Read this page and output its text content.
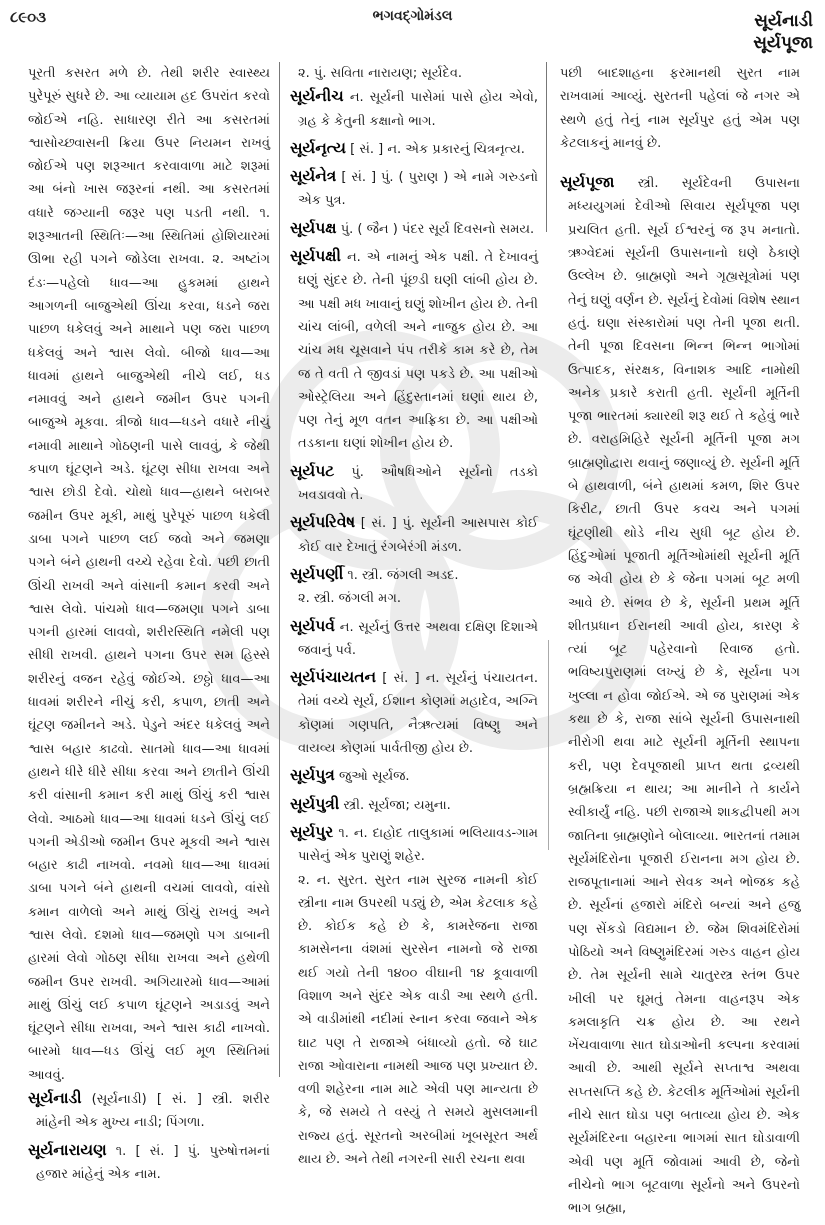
૮૯૦૩	ભગવદ્ગોમંડલ	સૂર્યનાડી
સૂર્યપૂજા
પૂરતી કસરત મળે છે. તેથી શરીર સ્વાસ્થ્ય પુરેપૂરું સુધરે છે. આ વ્યાયામ હદ ઉપરાંત કરવો જોઈએ નહિ. સાધારણ રીતે આ કસરતમાં શ્વાસોચ્છ્વાસની ક્રિયા ઉપર નિયમન રાખવું જોઈએ પણ શરૂઆત કરવાવાળા માટે શરૂમાં આ બંનો ખાસ જરૂરનાં નથી. આ કસરતમાં વધારે જગ્યાની જરૂર પણ પડતી નથી. ૧. શરૂઆતની સ્થિતિઃ—આ સ્થિતિમાં હોશિયારમાં ઊભા રહી પગને જોડેલા રાખવા. ૨. અષ્ટાંગ દંડઃ—પહેલો ધાવ—આ હુકમમાં હાથને આગળની બાજુએથી ઊંચા કરવા, ધડને જરા પાછળ ધકેલવું અને માથાને પણ જરા પાછળ ધકેલવું અને શ્વાસ લેવો. બીજો ધાવ—આ ધાવમાં હાથને બાજુએથી નીચે લઈ, ધડ નમાવવું અને હાથને જમીન ઉપર પગની બાજુએ મૂકવા. ત્રીજો ધાવ—ધડને વધારે નીચું નમાવી માથાને ગોઠણની પાસે લાવવું, કે જેથી કપાળ ઘૂંટણને અડે. ઘૂંટણ સીધા રાખવા અને શ્વાસ છોડી દેવો. ચોથો ધાવ—હાથને બરાબર જમીન ઉપર મૂકી, માથું પુરેપૂરું પાછળ ધકેલી ડાબા પગને પાછળ લઈ જવો અને જમણા પગને બંને હાથની વચ્ચે રહેવા દેવો. પછી છાતી ઊંચી રાખવી અને વાંસાની કમાન કરવી અને શ્વાસ લેવો. પાંચમો ધાવ—જમણા પગને ડાબા પગની હારમાં લાવવો, શરીરસ્થિતિ નમેલી પણ સીધી રાખવી. હાથને પગના ઉપર સમ હિસ્સે શરીરનું વજન રહેવું જોઈએ. છઠ્ઠો ધાવ—આ ધાવમાં શરીરને નીચું કરી, કપાળ, છાતી અને ઘૂંટણ જમીનને અડે. પેડુને અંદર ધકેલવું અને શ્વાસ બહાર કાઢવો. સાતમો ધાવ—આ ધાવમાં હાથને ધીરે ધીરે સીધા કરવા અને છાતીને ઊંચી કરી વાંસાની કમાન કરી માથું ઊંચું કરી શ્વાસ લેવો. આઠમો ધાવ—આ ધાવમાં ધડને ઊંચું લઈ પગની એડીઓ જમીન ઉપર મૂકવી અને શ્વાસ બહાર કાઢી નાખવો. નવમો ધાવ—આ ધાવમાં ડાબા પગને બંને હાથની વચમાં લાવવો, વાંસો કમાન વાળેલો અને માથું ઊંચું રાખવું અને શ્વાસ લેવો. દશમો ધાવ—જમણો પગ ડાબાની હારમાં લેવો ગોઠણ સીધા રાખવા અને હથેળી જમીન ઉપર રાખવી. અગિયારમો ધાવ—આમાં માથું ઊંચું લઈ કપાળ ઘૂંટણને અડાડવું અને ઘૂંટણને સીધા રાખવા, અને શ્વાસ કાઢી નાખવો. બારમો ધાવ—ધડ ઊંચું લઈ મૂળ સ્થિતિમાં આવવું.
સૂર્યનાડી (સૂર્યનાડી) [ સં. ] સ્ત્રી. શરીર માંહેની એક મુખ્ય નાડી; પિંગળા.
સૂર્યનારાયણ ૧. [ સં. ] પું. પુરુષોત્તમનાં હજાર માંહેનું એક નામ.
૨. પું. સવિતા નારાયણ; સૂર્યદેવ.
સૂર્યનીચ ન. સૂર્યની પાસેમાં પાસે હોય એવો, ગ્રહ કે કેતુની કક્ષાનો ભાગ.
સૂર્યનૃત્ય [ સં. ] ન. એક પ્રકારનું ચિત્રનૃત્ય.
સૂર્યનેત્ર [ સં. ] પું. ( પુરાણ ) એ નામે ગરુડનો એક પુત્ર.
સૂર્યપક્ષ પું. ( જૈન ) પંદર સૂર્ય દિવસનો સમય.
સૂર્યપક્ષી ન. એ નામનું એક પક્ષી. તે દેખાવનું ઘણું સુંદર છે. તેની પૂંછડી ઘણી લાંબી હોય છે. આ પક્ષી મધ ખાવાનું ઘણું શોખીન હોય છે. તેની ચાંચ લાંબી, વળેલી અને નાજુક હોય છે. આ ચાંચ મધ ચૂસવાને પંપ તરીકે કામ કરે છે, તેમ જ તે વતી તે જીવડાં પણ પકડે છે. આ પક્ષીઓ ઓસ્ટ્રેલિયા અને હિંદુસ્તાનમાં ઘણાં થાય છે, પણ તેનું મૂળ વતન આફ્રિકા છે. આ પક્ષીઓ તડકાના ઘણાં શોખીન હોય છે.
સૂર્યપટ પું. ઔષધિઓને સૂર્યનો તડકો ખવડાવવો તે.
સૂર્યપરિવેષ [ સં. ] પું. સૂર્યની આસપાસ કોઈ કોઈ વાર દેખાતું રંગબેરંગી મંડળ.
સૂર્યપર્ણી ૧. સ્ત્રી. જંગલી અડદ.
૨. સ્ત્રી. જંગલી મગ.
સૂર્યપર્વ ન. સૂર્યનું ઉત્તર અથવા દક્ષિણ દિશાએ જવાનું પર્વ.
સૂર્યપંચાયતન [ સં. ] ન. સૂર્યનું પંચાયતન. તેમાં વચ્ચે સૂર્ય, ઈશાન કોણમાં મહાદેવ, અગ્નિ કોણમાં ગણપતિ, નૈઋત્યમાં વિષ્ણુ અને વાયવ્ય કોણમાં પાર્વતીજી હોય છે.
સૂર્યપુત્ર જુઓ સૂર્યજ.
સૂર્યપુત્રી સ્ત્રી. સૂર્યજા; યમુના.
સૂર્યપુર ૧. ન. દાહોદ તાલુકામાં ભલિયાવડ-ગામ પાસેનું એક પુરાણું શહેર.
૨. ન. સુરત. સુરત નામ સુરજ નામની કોઈ સ્ત્રીના નામ ઉપરથી પડ્યું છે, એમ કેટલાક કહે છે. કોઈક કહે છે કે, કામરેજના રાજા કામસેનના વંશમાં સુરસેન નામનો જે રાજા થઈ ગયો તેની ૧૪૦૦ વીઘાની ૧૪ કૂવાવાળી વિશાળ અને સુંદર એક વાડી આ સ્થળે હતી. એ વાડીમાંથી નદીમાં સ્નાન કરવા જવાને એક ઘાટ પણ તે રાજાએ બંધાવ્યો હતો. જે ઘાટ રાજા ઓવારાના નામથી આજ પણ પ્રખ્યાત છે. વળી શહેરના નામ માટે એવી પણ માન્યતા છે કે, જે સમયે તે વસ્યું તે સમયે મુસલમાની રાજ્ય હતું. સૂરતનો અરબીમાં ખૂબસૂરત અર્થ થાય છે. અને તેથી નગરની સારી રચના થવા
પછી બાદશાહના ફરમાનથી સુરત નામ રાખવામાં આવ્યું. સુરતની પહેલાં જે નગર એ સ્થળે હતું તેનું નામ સૂર્યપુર હતું એમ પણ કેટલાકનું માનવું છે.
સૂર્યપૂજા સ્ત્રી. સૂર્યદેવની ઉપાસના મધ્યયુગમાં દેવીઓ સિવાય સૂર્યપૂજા પણ પ્રચલિત હતી. સૂર્ય ઈશ્વરનું જ રૂપ મનાતો. ઋગ્વેદમાં સૂર્યની ઉપાસનાનો ઘણે ઠેકાણે ઉલ્લેખ છે. બ્રાહ્મણો અને ગૃહ્યસૂત્રોમાં પણ તેનું ઘણું વર્ણન છે. સૂર્યનું દેવોમાં વિશેષ સ્થાન હતું. ઘણા સંસ્કારોમાં પણ તેની પૂજા થતી. તેની પૂજા દિવસના ભિન્ન ભિન્ન ભાગોમાં ઉત્પાદક, સંરક્ષક, વિનાશક આદિ નામોથી અનેક પ્રકારે કરાતી હતી. સૂર્યની મૂર્તિની પૂજા ભારતમાં ક્યારથી શરૂ થઈ તે કહેવું ભારે છે. વરાહમિહિરે સૂર્યની મૂર્તિની પૂજા મગ બ્રાહ્મણોદ્વારા થવાનું જણાવ્યું છે. સૂર્યની મૂર્તિ બે હાથવાળી, બંને હાથમાં કમળ, શિર ઉપર કિરીટ, છાતી ઉપર કવચ અને પગમાં ઘૂંટણીથી થોડે નીચ સુધી બૂટ હોય છે. હિંદુઓમાં પૂજાતી મૂર્તિઓમાંથી સૂર્યની મૂર્તિ જ એવી હોય છે કે જેના પગમાં બૂટ મળી આવે છે. સંભવ છે કે, સૂર્યની પ્રથમ મૂર્તિ શીતપ્રધાન ઈરાનથી આવી હોય, કારણ કે ત્યાં બૂટ પહેરવાનો રિવાજ હતો. ભવિષ્યપુરાણમાં લખ્યું છે કે, સૂર્યના પગ ખુલ્લા ન હોવા જોઈએ. એ જ પુરાણમાં એક કથા છે કે, રાજા સાંબે સૂર્યની ઉપાસનાથી નીરોગી થવા માટે સૂર્યની મૂર્તિની સ્થાપના કરી, પણ દેવપૂજાથી પ્રાપ્ત થતા દ્રવ્યથી બ્રહ્મક્રિયા ન થાય; આ માનીને તે કાર્યને સ્વીકાર્યું નહિ. પછી રાજાએ શાકદ્વીપથી મગ જાતિના બ્રાહ્મણોને બોલાવ્યા. ભારતનાં તમામ સૂર્યમંદિરોના પૂજારી ઈરાનના મગ હોય છે. રાજપૂતાનામાં આને સેવક અને ભોજક કહે છે. સૂર્યનાં હજારો મંદિરો બન્યાં અને હજુ પણ સેંકડો વિદ્યમાન છે. જેમ શિવમંદિરોમાં પોઠિયો અને વિષ્ણુમંદિરમાં ગરુડ વાહન હોય છે. તેમ સૂર્યની સામે ચાતુરસ્ત્ર સ્તંભ ઉપર ખીલી પર ઘૂમતું તેમના વાહનરૂપ એક કમલાકૃતિ ચક્ર હોય છે. આ રથને ખેંચવાવાળા સાત ઘોડાઓની કલ્પના કરવામાં આવી છે. આથી સૂર્યને સપ્તાશ્વ અથવા સપ્તસપ્તિ કહે છે. કેટલીક મૂર્તિઓમાં સૂર્યની નીચે સાત ઘોડા પણ બતાવ્યા હોય છે. એક સૂર્યમંદિરના બહારના ભાગમાં સાત ઘોડાવાળી એવી પણ મૂર્તિ જોવામાં આવી છે, જેનો નીચેનો ભાગ બૂટવાળા સૂર્યનો અને ઉપરનો ભાગ બ્રહ્મા,
